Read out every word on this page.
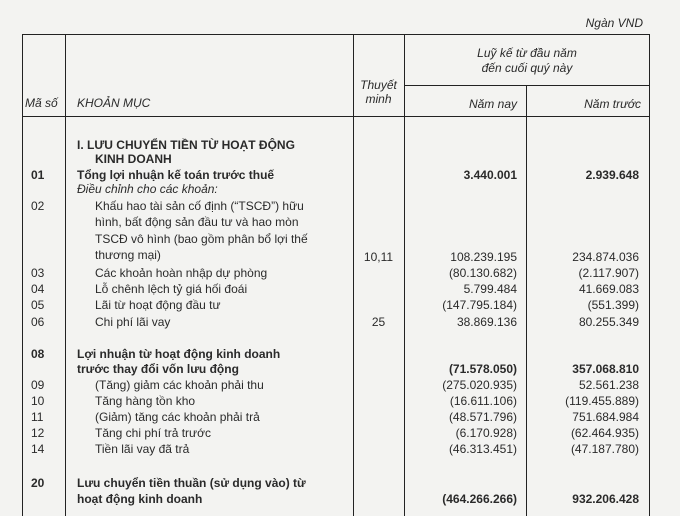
Ngàn VND
Mã số KHOẢN MỤC
Thuyết
minh
Luỹ kế từ đầu năm
đến cuối quý này
Năm nay	Năm trước
I. LƯU CHUYỂN TIỀN TỪ HOẠT ĐỘNG
KINH DOANH
01	Tổng lợi nhuận kế toán trước thuế	3.440.001	2.939.648
Điều chỉnh cho các khoản:
02	Khấu hao tài sản cố định (“TSCĐ”) hữu
hình, bất động sản đầu tư và hao mòn
TSCĐ vô hình (bao gồm phân bổ lợi thế
thương mại)	10,11	108.239.195	234.874.036
03	Các khoản hoàn nhập dự phòng	(80.130.682)	(2.117.907)
04	Lỗ chênh lệch tỷ giá hối đoái	5.799.484	41.669.083
05	Lãi từ hoạt động đầu tư	(147.795.184)	(551.399)
06	Chi phí lãi vay	25	38.869.136	80.255.349
08	Lợi nhuận từ hoạt động kinh doanh
trước thay đổi vốn lưu động	(71.578.050)	357.068.810
09	(Tăng) giảm các khoản phải thu	(275.020.935)	52.561.238
10	Tăng hàng tồn kho	(16.611.106)	(119.455.889)
11	(Giảm) tăng các khoản phải trả	(48.571.796)	751.684.984
12	Tăng chi phí trả trước	(6.170.928)	(62.464.935)
14	Tiền lãi vay đã trả	(46.313.451)	(47.187.780)
20	Lưu chuyển tiền thuần (sử dụng vào) từ
hoạt động kinh doanh	(464.266.266)	932.206.428
